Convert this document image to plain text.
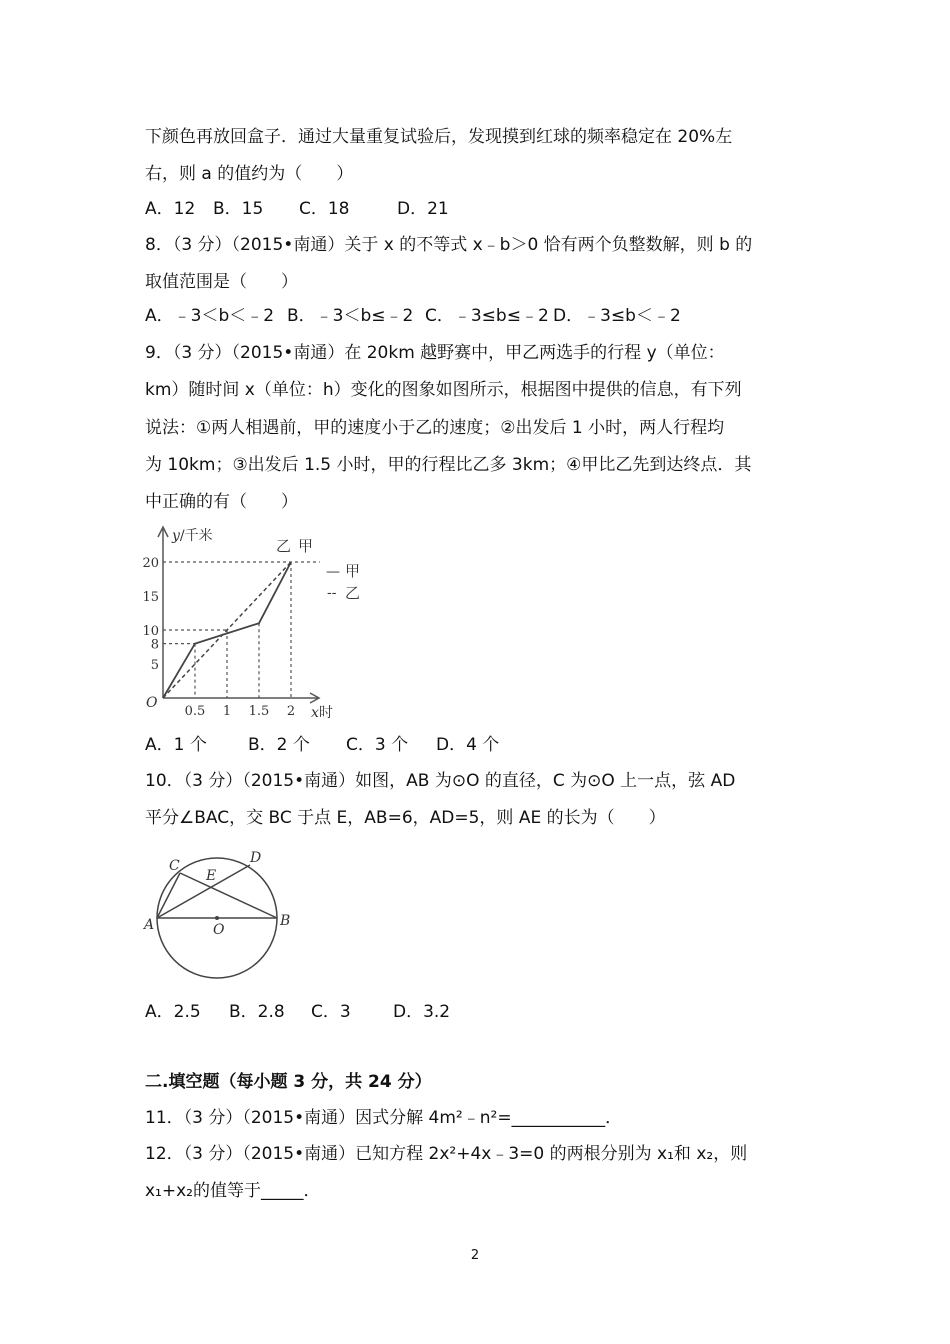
下颜色再放回盒子．通过大量重复试验后，发现摸到红球的频率稳定在 20%左
右，则 a 的值约为（　　）
A．12 B．15 C．18	D．21
8．（3 分）（2015•南通）关于 x 的不等式 x﹣b＞0 恰有两个负整数解，则 b 的
取值范围是（　　）
A．﹣3＜b＜﹣2 B．﹣3＜b≤﹣2 C．﹣3≤b≤﹣2 D．﹣3≤b＜﹣2
9．（3 分）（2015•南通）在 20km 越野赛中，甲乙两选手的行程 y（单位：
km）随时间 x（单位：h）变化的图象如图所示，根据图中提供的信息，有下列
说法：①两人相遇前，甲的速度小于乙的速度；②出发后 1 小时，两人行程均
为 10km；③出发后 1.5 小时，甲的行程比乙多 3km；④甲比乙先到达终点．其
中正确的有（　　）
20
15
10
8
5
0.5 1 1.5 2
O
y/千米
x时
乙 甲
— 甲
-- 乙
A．1 个 B．2 个 C．3 个 D．4 个
10．（3 分）（2015•南通）如图，AB 为⊙O 的直径，C 为⊙O 上一点，弦 AD
平分∠BAC，交 BC 于点 E，AB=6，AD=5，则 AE 的长为（　　）
A	B
C	D
E
O
A．2.5 B．2.8 C．3 D．3.2
二.填空题（每小题 3 分，共 24 分）
11．（3 分）（2015•南通）因式分解 4m²﹣n²=___________．
12．（3 分）（2015•南通）已知方程 2x²+4x﹣3=0 的两根分别为 x₁和 x₂，则
x₁+x₂的值等于_____．
2
